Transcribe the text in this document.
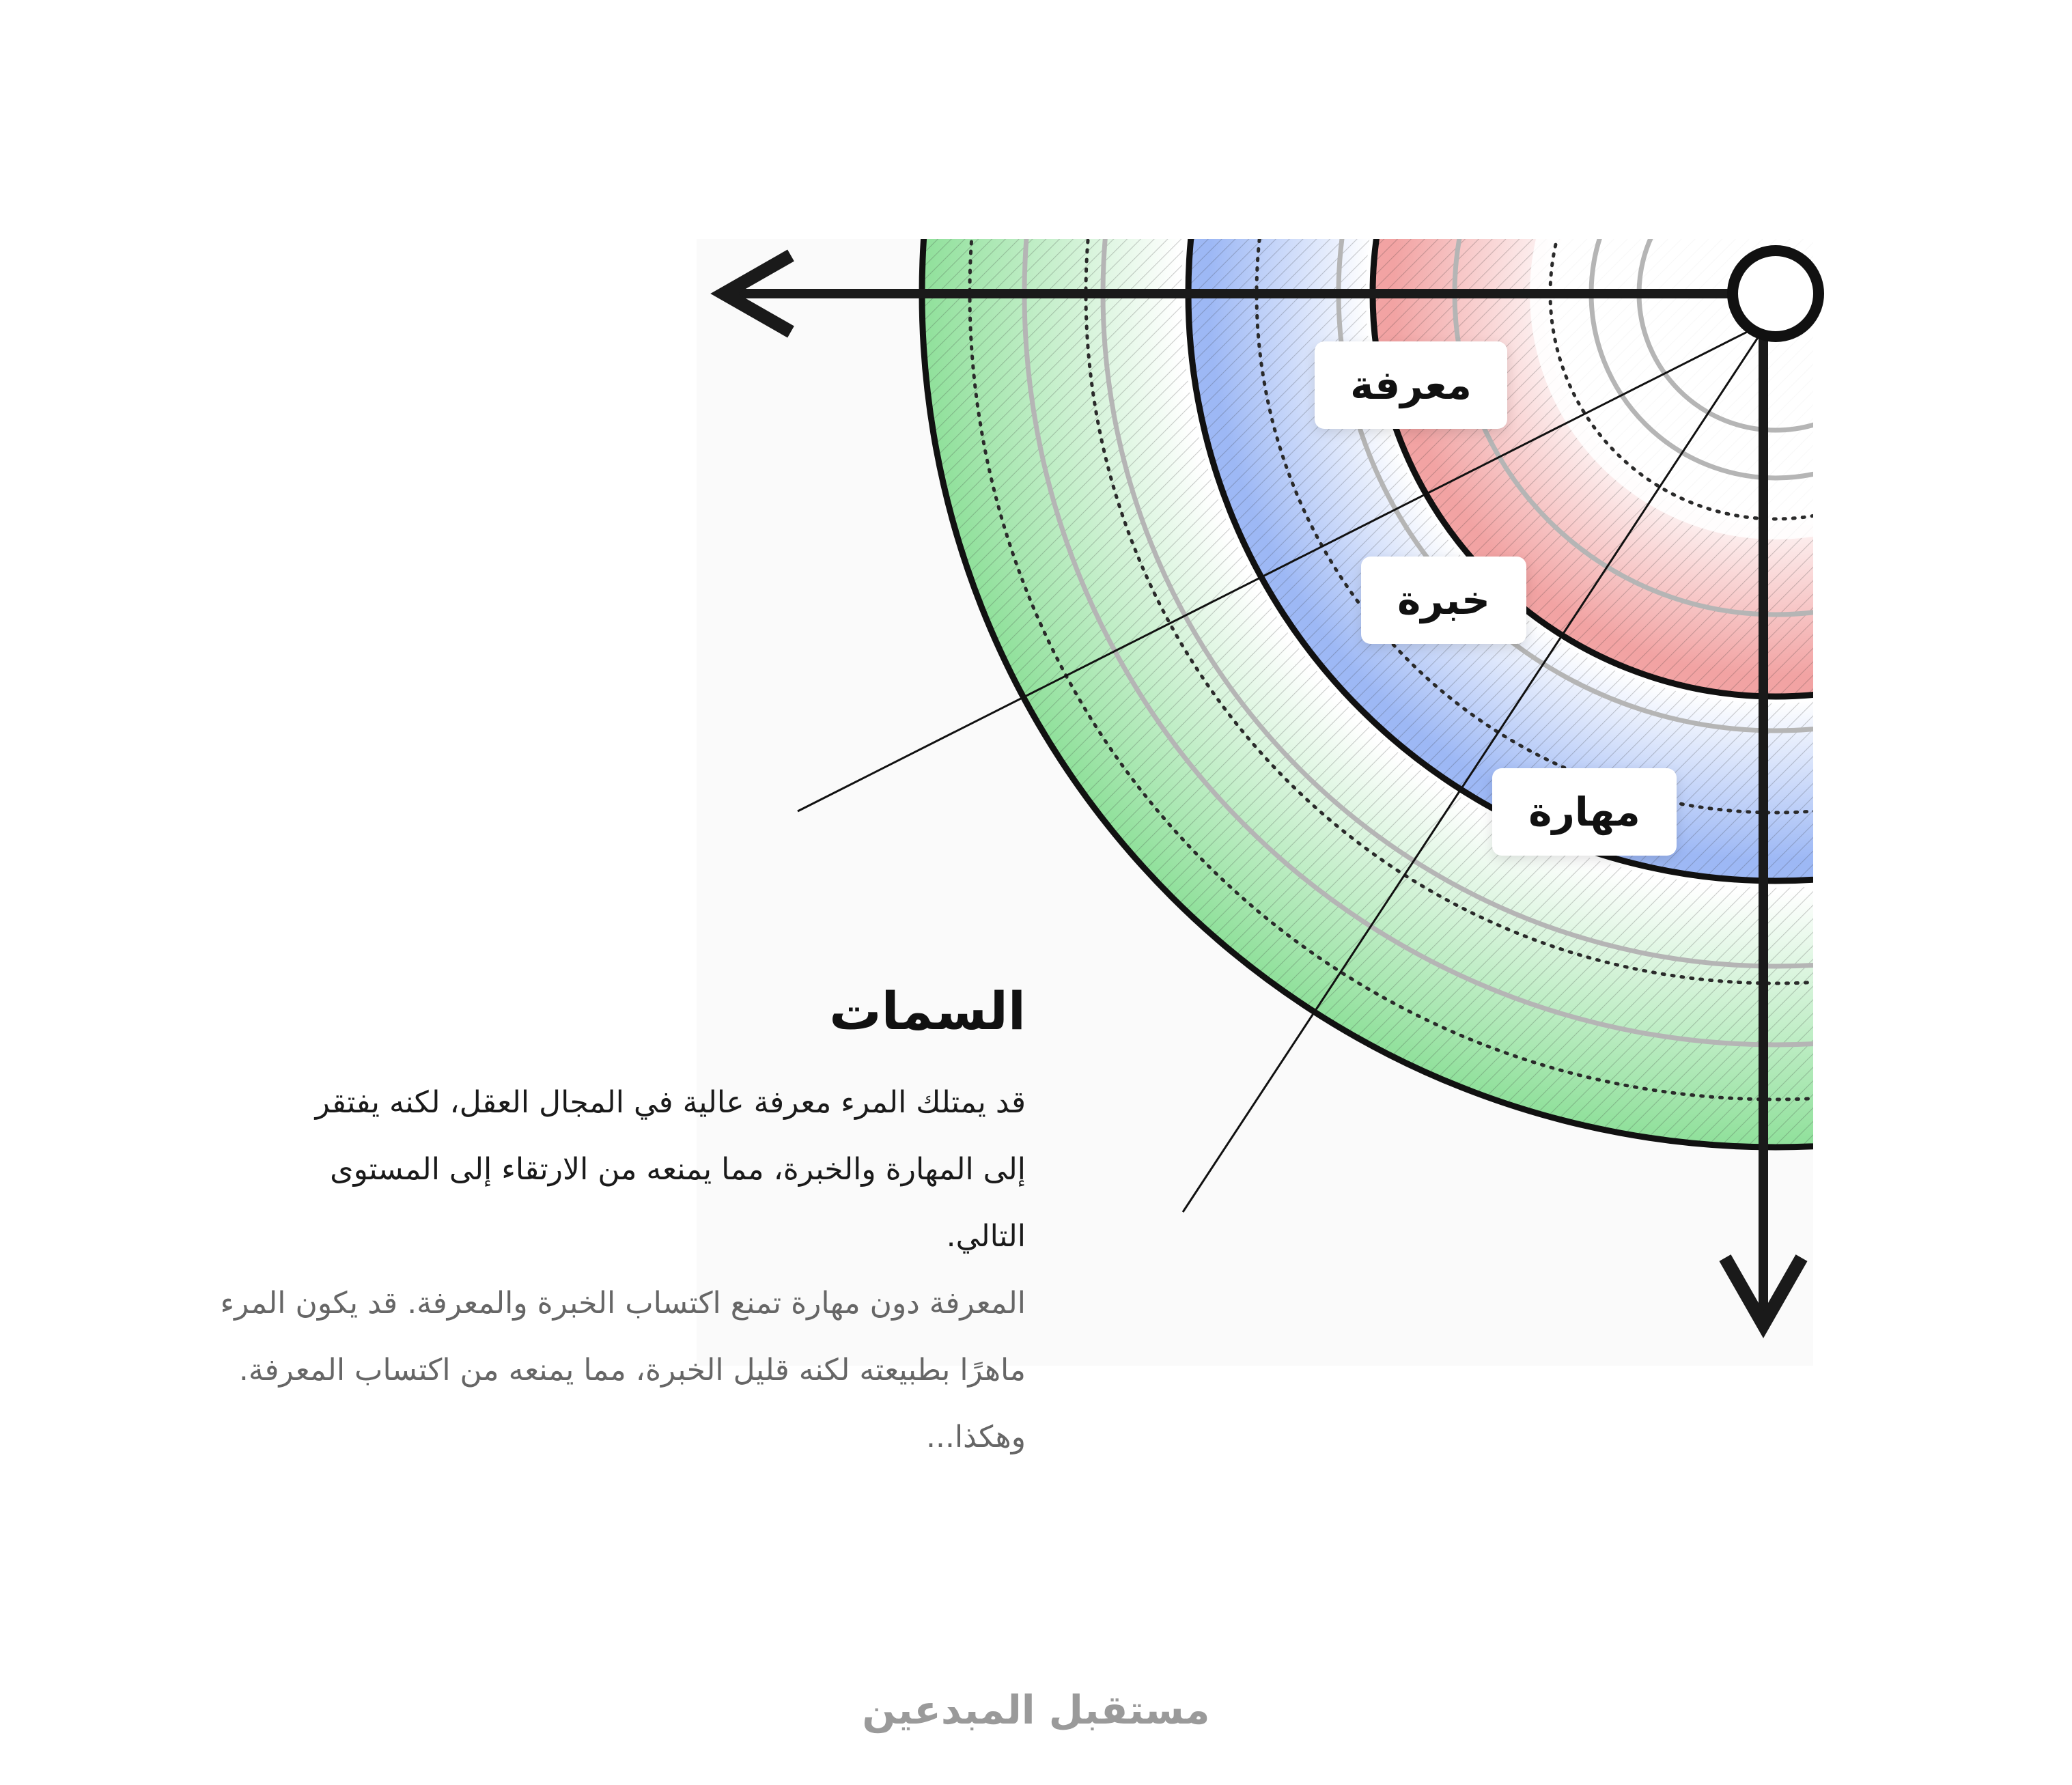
معرفة
خبرة
مهارة
السمات

قد يمتلك المرء معرفة عالية في المجال العقل، لكنه يفتقر إلى المهارة والخبرة، مما يمنعه من الارتقاء إلى المستوى التالي.

المعرفة دون مهارة تمنع اكتساب الخبرة والمعرفة. قد يكون المرء ماهرًا بطبيعته لكنه قليل الخبرة، مما يمنعه من اكتساب المعرفة. وهكذا...

مستقبل المبدعين
